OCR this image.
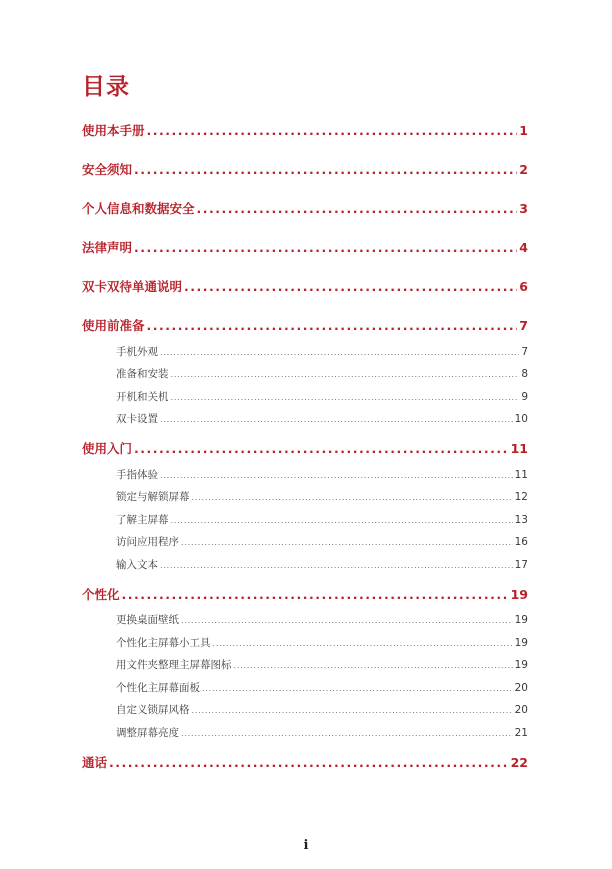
目录
使用本手册 .....	1
安全须知 .....	2
个人信息和数据安全 .....	3
法律声明 .....	4
双卡双待单通说明 .....	6
使用前准备 .....	7
手机外观 .....	7
准备和安装 .....	8
开机和关机 .....	9
双卡设置 .....	10
使用入门 .....	11
手指体验 .....	11
锁定与解锁屏幕 .....	12
了解主屏幕 .....	13
访问应用程序 .....	16
输入文本 .....	17
个性化 .....	19
更换桌面壁纸 .....	19
个性化主屏幕小工具 .....	19
用文件夹整理主屏幕图标 .....	19
个性化主屏幕面板 .....	20
自定义锁屏风格 .....	20
调整屏幕亮度 .....	21
通话 .....	22
i
